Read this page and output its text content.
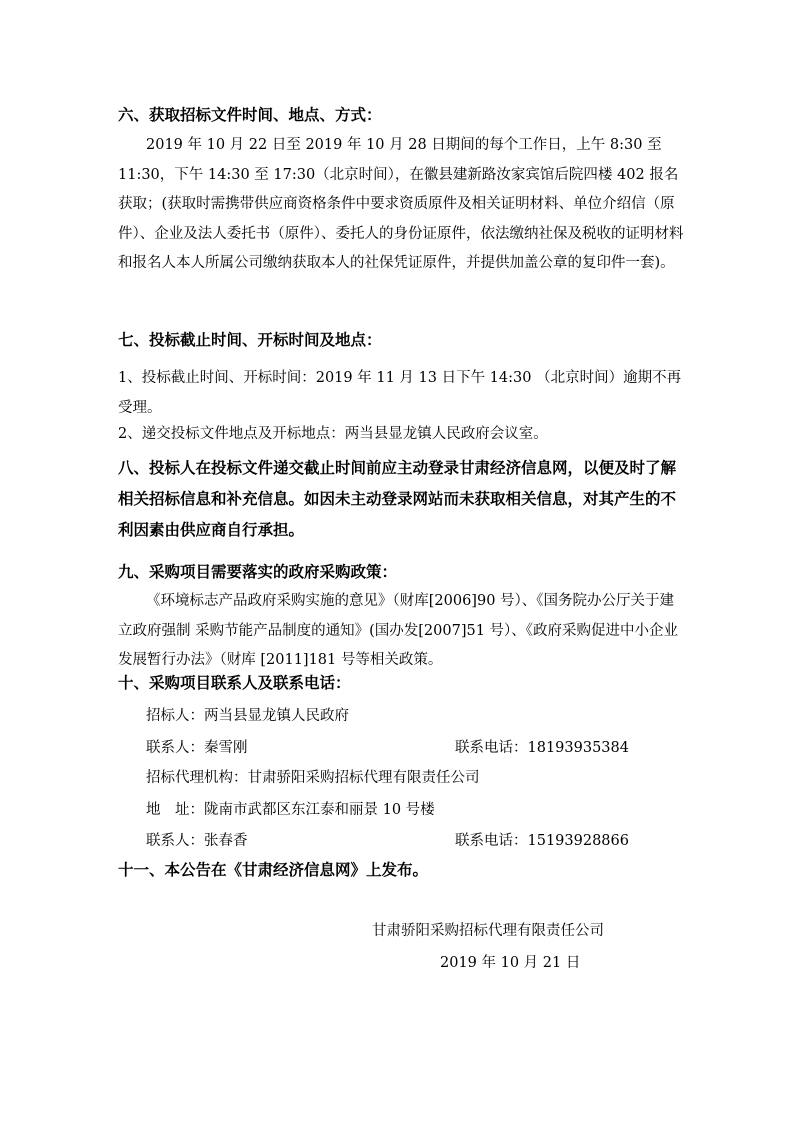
六、获取招标文件时间、地点、方式：
2019 年 10 月 22 日至 2019 年 10 月 28 日期间的每个工作日，上午 8:30 至 11:30，下午 14:30 至 17:30（北京时间），在徽县建新路汝家宾馆后院四楼 402 报名获取；(获取时需携带供应商资格条件中要求资质原件及相关证明材料、单位介绍信（原件）、企业及法人委托书（原件）、委托人的身份证原件，依法缴纳社保及税收的证明材料和报名人本人所属公司缴纳获取本人的社保凭证原件，并提供加盖公章的复印件一套)。
七、投标截止时间、开标时间及地点：
1、投标截止时间、开标时间：2019 年 11 月 13 日下午 14:30 （北京时间）逾期不再受理。
2、递交投标文件地点及开标地点：两当县显龙镇人民政府会议室。
八、投标人在投标文件递交截止时间前应主动登录甘肃经济信息网，以便及时了解相关招标信息和补充信息。如因未主动登录网站而未获取相关信息，对其产生的不利因素由供应商自行承担。
九、采购项目需要落实的政府采购政策：
《环境标志产品政府采购实施的意见》（财库[2006]90 号）、《国务院办公厅关于建立政府强制 采购节能产品制度的通知》(国办发[2007]51 号）、《政府采购促进中小企业发展暂行办法》（财库 [2011]181 号等相关政策。
十、采购项目联系人及联系电话：
招标人：两当县显龙镇人民政府
联系人：秦雪刚	联系电话：18193935384
招标代理机构：甘肃骄阳采购招标代理有限责任公司
地　址：陇南市武都区东江泰和丽景 10 号楼
联系人：张春香	联系电话：15193928866
十一、本公告在《甘肃经济信息网》上发布。
甘肃骄阳采购招标代理有限责任公司
2019 年 10 月 21 日
